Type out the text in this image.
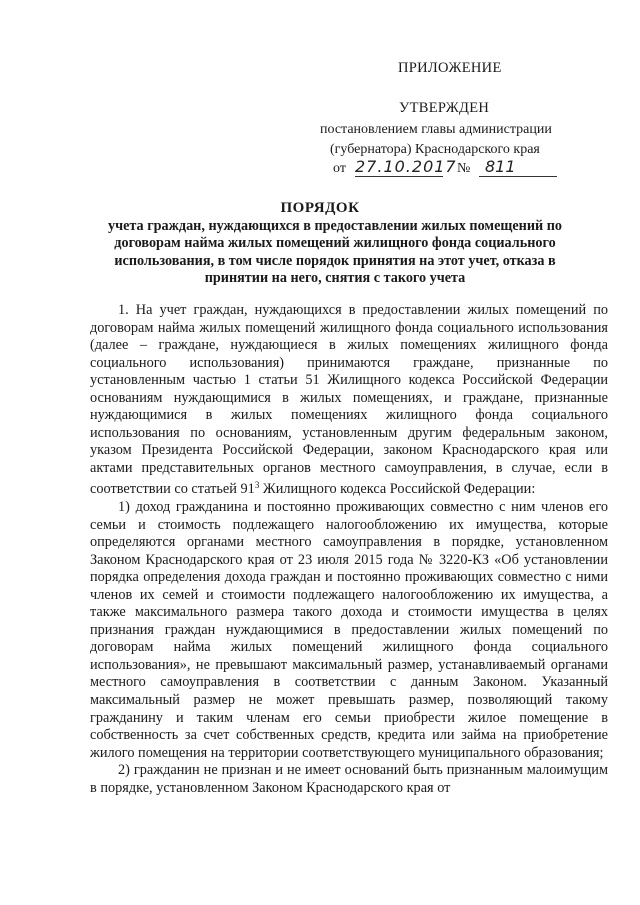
ПРИЛОЖЕНИЕ
УТВЕРЖДЕН
постановлением главы администрации
(губернатора) Краснодарского края
от 27.10.2017 № 811
ПОРЯДОК
учета граждан, нуждающихся в предоставлении жилых помещений по договорам найма жилых помещений жилищного фонда социального использования, в том числе порядок принятия на этот учет, отказа в принятии на него, снятия с такого учета

1. На учет граждан, нуждающихся в предоставлении жилых помещений по договорам найма жилых помещений жилищного фонда социального использования (далее – граждане, нуждающиеся в жилых помещениях жилищного фонда социального использования) принимаются граждане, признанные по установленным частью 1 статьи 51 Жилищного кодекса Российской Федерации основаниям нуждающимися в жилых помещениях, и граждане, признанные нуждающимися в жилых помещениях жилищного фонда социального использования по основаниям, установленным другим федеральным законом, указом Президента Российской Федерации, законом Краснодарского края или актами представительных органов местного самоуправления, в случае, если в соответствии со статьей $91^3$ Жилищного кодекса Российской Федерации:

1) доход гражданина и постоянно проживающих совместно с ним членов его семьи и стоимость подлежащего налогообложению их имущества, которые определяются органами местного самоуправления в порядке, установленном Законом Краснодарского края от 23 июля 2015 года № 3220-КЗ «Об установлении порядка определения дохода граждан и постоянно проживающих совместно с ними членов их семей и стоимости подлежащего налогообложению их имущества, а также максимального размера такого дохода и стоимости имущества в целях признания граждан нуждающимися в предоставлении жилых помещений по договорам найма жилых помещений жилищного фонда социального использования», не превышают максимальный размер, устанавливаемый органами местного самоуправления в соответствии с данным Законом. Указанный максимальный размер не может превышать размер, позволяющий такому гражданину и таким членам его семьи приобрести жилое помещение в собственность за счет собственных средств, кредита или займа на приобретение жилого помещения на территории соответствующего муниципального образования;

2) гражданин не признан и не имеет оснований быть признанным малоимущим в порядке, установленном Законом Краснодарского края от
